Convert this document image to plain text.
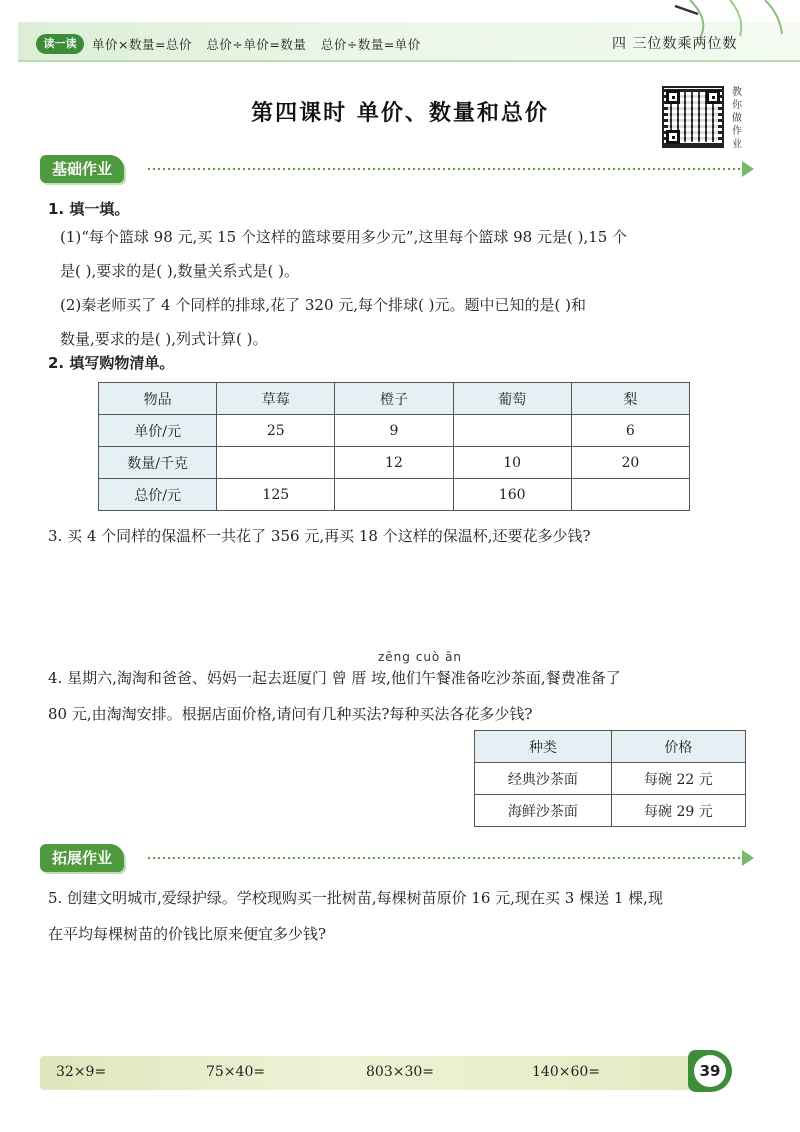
读一读	单价×数量=总价 总价÷单价=数量 总价÷数量=单价	四 三位数乘两位数
第四课时 单价、数量和总价
教
你
做
作
业
基础作业
1. 填一填。
(1)“每个篮球 98 元,买 15 个这样的篮球要用多少元”,这里每个篮球 98 元是( ),15 个
是( ),要求的是( ),数量关系式是( )。
(2)秦老师买了 4 个同样的排球,花了 320 元,每个排球( )元。题中已知的是( )和
数量,要求的是( ),列式计算( )。
2. 填写购物清单。
物品	草莓	橙子	葡萄	梨
单价/元	25	9		6
数量/千克		12	10	20
总价/元	125		160	
3. 买 4 个同样的保温杯一共花了 356 元,再买 18 个这样的保温杯,还要花多少钱?
zēng cuò ān
4. 星期六,淘淘和爸爸、妈妈一起去逛厦门 曾 厝 垵,他们午餐准备吃沙茶面,餐费准备了
80 元,由淘淘安排。根据店面价格,请问有几种买法?每种买法各花多少钱?
种类	价格
经典沙茶面	每碗 22 元
海鲜沙茶面	每碗 29 元
拓展作业
5. 创建文明城市,爱绿护绿。学校现购买一批树苗,每棵树苗原价 16 元,现在买 3 棵送 1 棵,现
在平均每棵树苗的价钱比原来便宜多少钱?
32×9=	75×40=	803×30=	140×60=	39
